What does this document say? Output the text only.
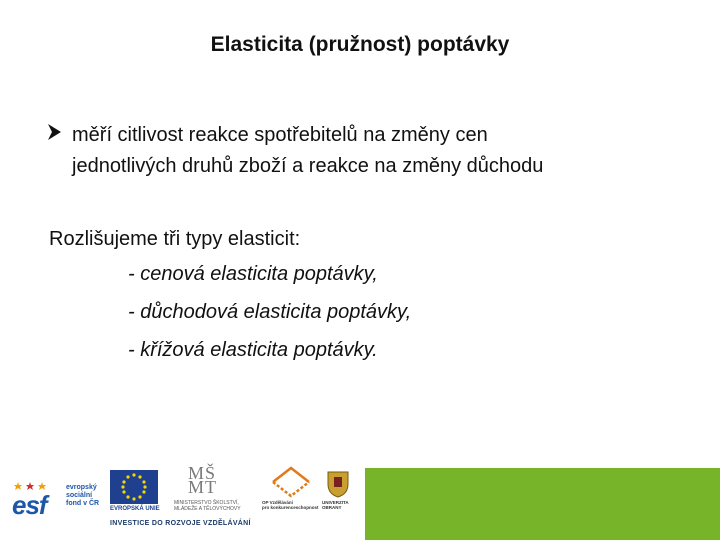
Elasticita (pružnost) poptávky
měří citlivost reakce spotřebitelů na změny cen
jednotlivých druhů zboží a reakce na změny důchodu
Rozlišujeme tři typy elasticit:
- cenová elasticita poptávky,
- důchodová elasticita poptávky,
- křížová elasticita poptávky.
esf
evropský
sociální
fond v ČR
EVROPSKÁ UNIE
MŠ MT
MINISTERSTVO ŠKOLSTVÍ,
MLÁDEŽE A TĚLOVÝCHOVY
OP Vzdělávání
pro konkurenceschopnost
UNIVERZITA
OBRANY
INVESTICE DO ROZVOJE VZDĚLÁVÁNÍ
